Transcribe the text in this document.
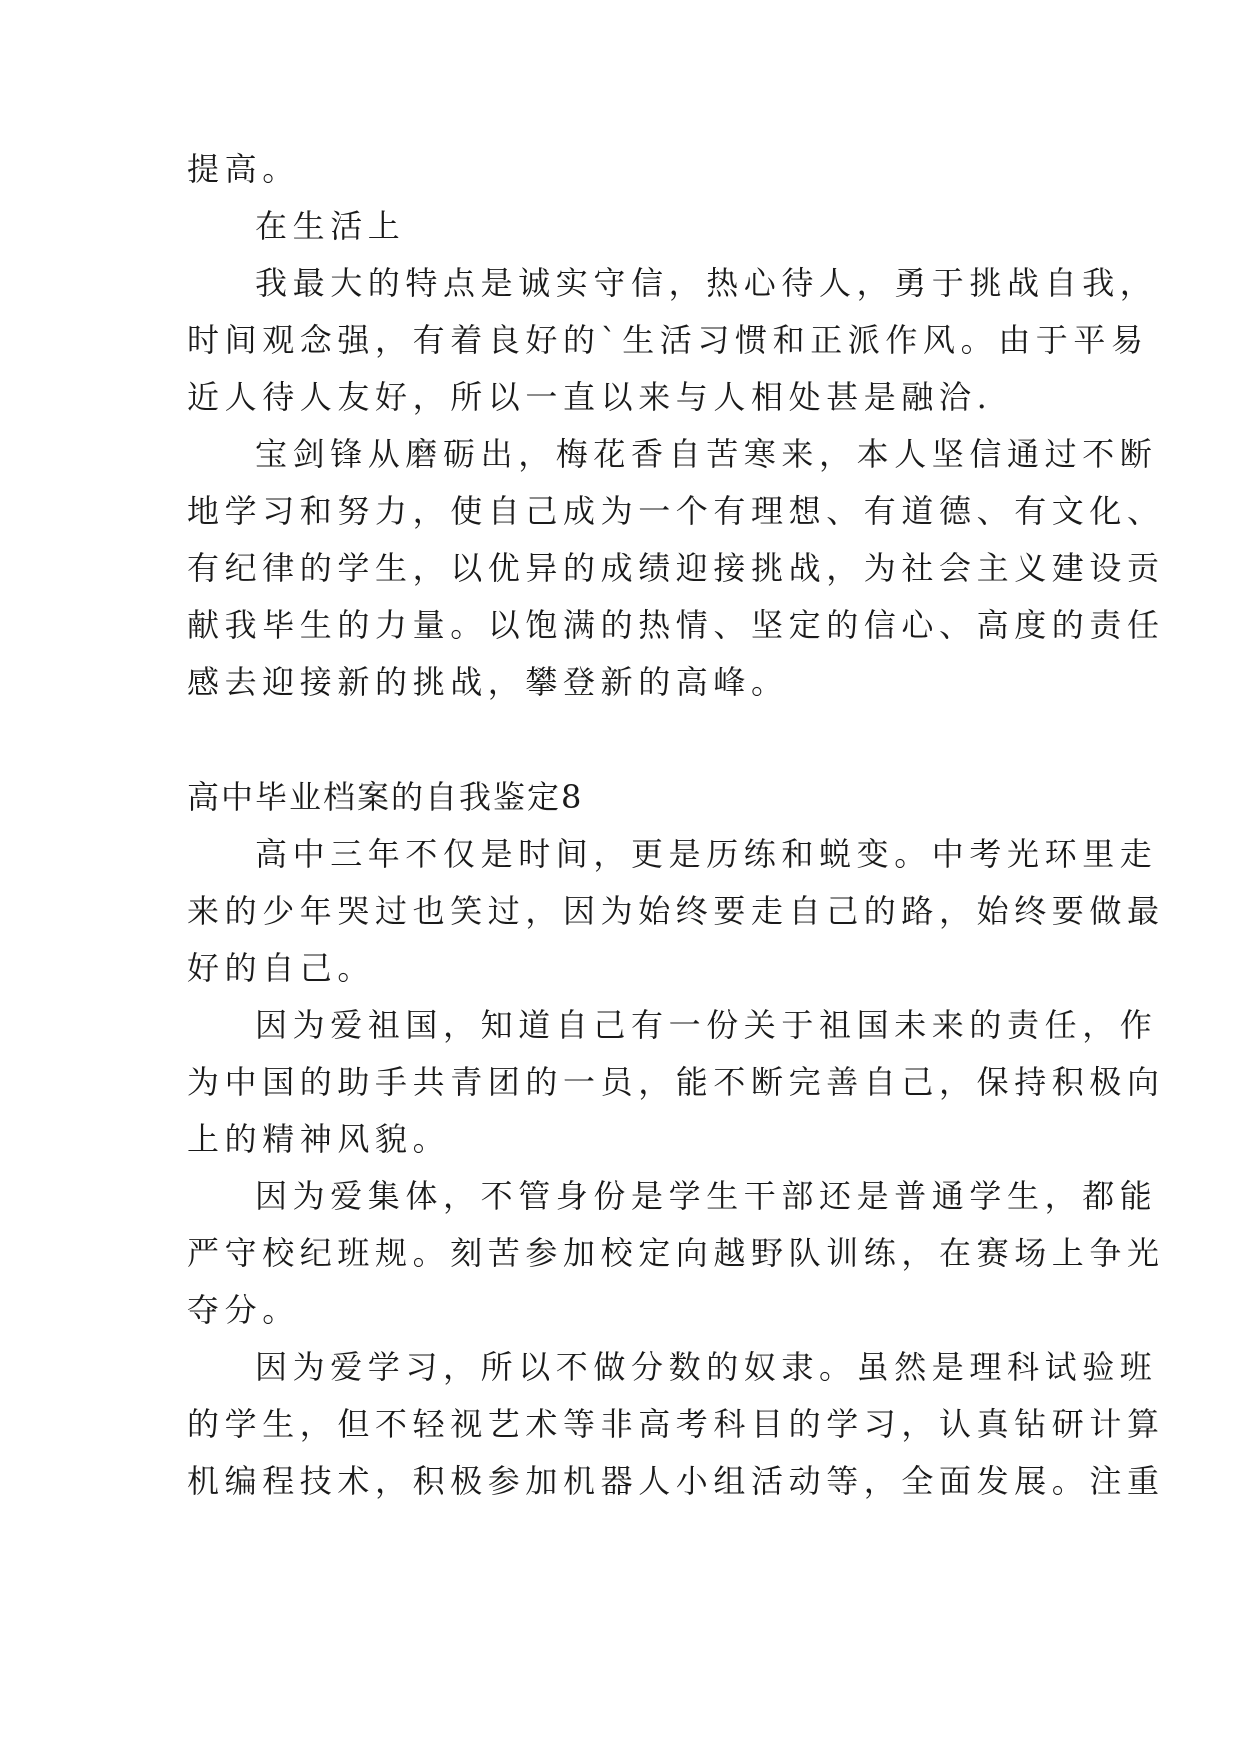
提高。
在生活上
我最大的特点是诚实守信，热心待人，勇于挑战自我，
时间观念强，有着良好的`生活习惯和正派作风。由于平易
近人待人友好，所以一直以来与人相处甚是融洽.
宝剑锋从磨砺出，梅花香自苦寒来，本人坚信通过不断
地学习和努力，使自己成为一个有理想、有道德、有文化、
有纪律的学生，以优异的成绩迎接挑战，为社会主义建设贡
献我毕生的力量。以饱满的热情、坚定的信心、高度的责任
感去迎接新的挑战，攀登新的高峰。
高中毕业档案的自我鉴定8
高中三年不仅是时间，更是历练和蜕变。中考光环里走
来的少年哭过也笑过，因为始终要走自己的路，始终要做最
好的自己。
因为爱祖国，知道自己有一份关于祖国未来的责任，作
为中国的助手共青团的一员，能不断完善自己，保持积极向
上的精神风貌。
因为爱集体，不管身份是学生干部还是普通学生，都能
严守校纪班规。刻苦参加校定向越野队训练，在赛场上争光
夺分。
因为爱学习，所以不做分数的奴隶。虽然是理科试验班
的学生，但不轻视艺术等非高考科目的学习，认真钻研计算
机编程技术，积极参加机器人小组活动等，全面发展。注重
